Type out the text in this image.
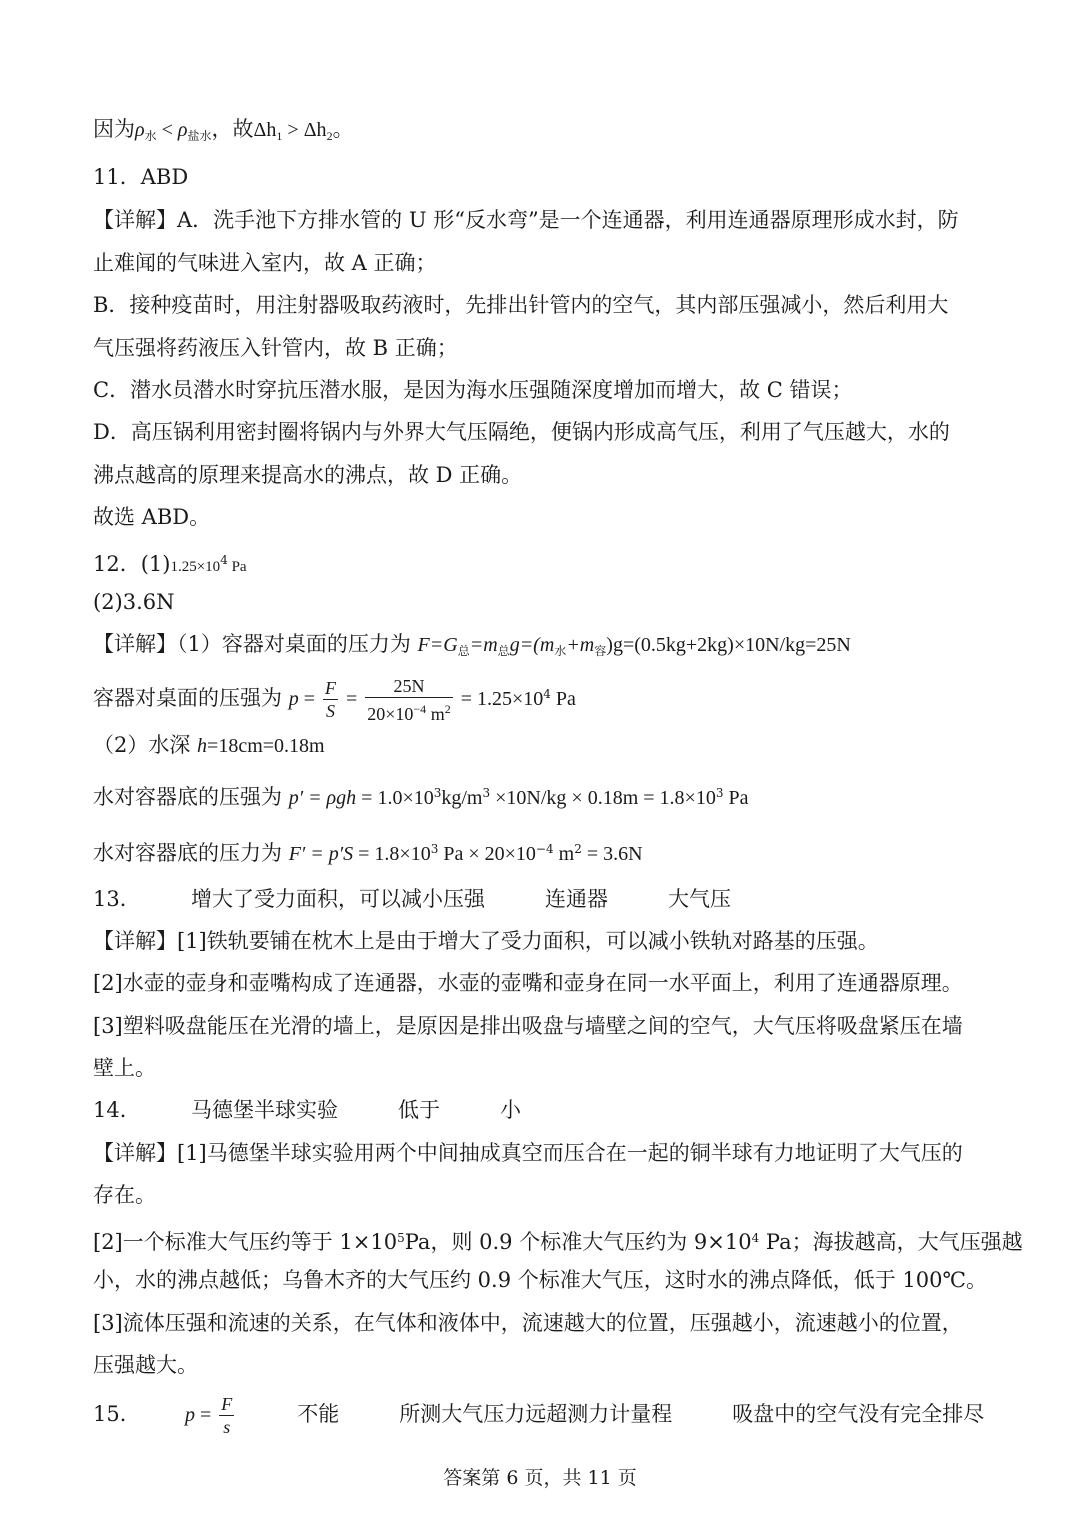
因为$\rho_水 < \rho_{盐水}$，故$\Delta h_1 > \Delta h_2$。
11．ABD
【详解】A．洗手池下方排水管的 U 形“反水弯”是一个连通器，利用连通器原理形成水封，防
止难闻的气味进入室内，故 A 正确；
B．接种疫苗时，用注射器吸取药液时，先排出针管内的空气，其内部压强减小，然后利用大
气压强将药液压入针管内，故 B 正确；
C．潜水员潜水时穿抗压潜水服，是因为海水压强随深度增加而增大，故 C 错误；
D．高压锅利用密封圈将锅内与外界大气压隔绝，便锅内形成高气压，利用了气压越大，水的
沸点越高的原理来提高水的沸点，故 D 正确。
故选 ABD。
12．$(1)1.25\times 10^4$ Pa
(2)3.6N
【详解】（1）容器对桌面的压力为 $F=G_总=m_总g=(m_水+m_容)g=(0.5kg+2kg)\times 10N/kg=25N$
容器对桌面的压强为 $p = \frac{F}{S} = \frac{25N}{20\times 10^{-4} m^2} = 1.25\times 10^4$ Pa
（2）水深 h=18cm=0.18m
水对容器底的压强为 $p' = \rho gh = 1.0\times 10^3kg/m^3 \times 10N/kg \times 0.18m = 1.8\times 10^3$ Pa
水对容器底的压力为 $F' = p'S = 1.8\times 10^3$ $Pa \times 20\times 10^{-4}$ $m^2 = 3.6N$
13． 增大了受力面积，可以减小压强	连通器	大气压
【详解】[1]铁轨要铺在枕木上是由于增大了受力面积，可以减小铁轨对路基的压强。
[2]水壶的壶身和壶嘴构成了连通器，水壶的壶嘴和壶身在同一水平面上，利用了连通器原理。
[3]塑料吸盘能压在光滑的墙上，是原因是排出吸盘与墙壁之间的空气，大气压将吸盘紧压在墙
壁上。
14． 马德堡半球实验	低于	小
【详解】[1]马德堡半球实验用两个中间抽成真空而压合在一起的铜半球有力地证明了大气压的
存在。
[2]一个标准大气压约等于 $1\times 10^5Pa$，则 0.9 个标准大气压约为 $9\times 10^4$ Pa；海拔越高，大气压强越
小，水的沸点越低；乌鲁木齐的大气压约 0.9 个标准大气压，这时水的沸点降低，低于 100℃。
[3]流体压强和流速的关系，在气体和液体中，流速越大的位置，压强越小，流速越小的位置，
压强越大。
15． $p = \frac{F}{s}$	不能	所测大气压力远超测力计量程	吸盘中的空气没有完全排尽
答案第 6 页，共 11 页
